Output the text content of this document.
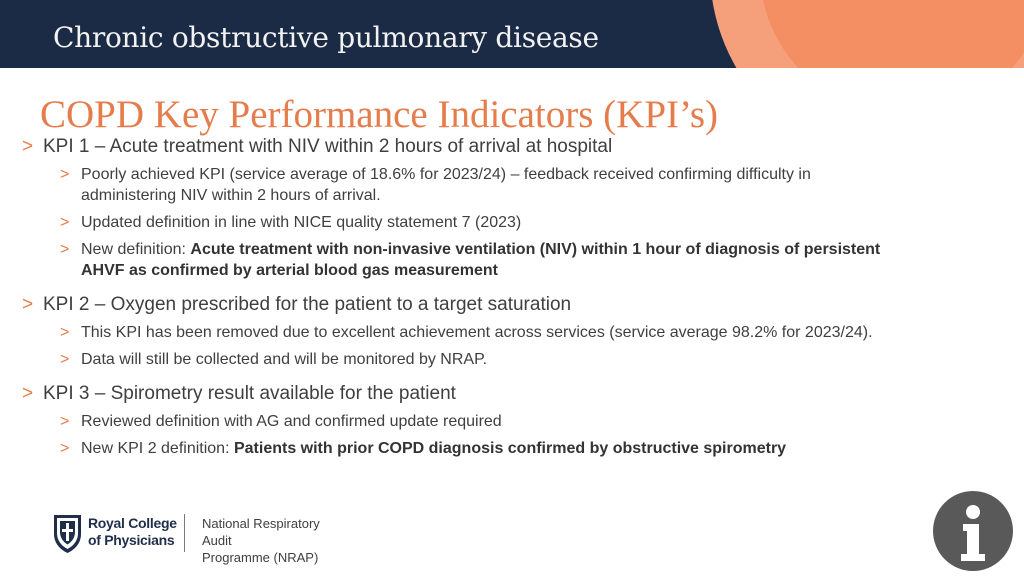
Chronic obstructive pulmonary disease
COPD Key Performance Indicators (KPI’s)
> KPI 1 – Acute treatment with NIV within 2 hours of arrival at hospital
> Poorly achieved KPI (service average of 18.6% for 2023/24) – feedback received confirming difficulty in administering NIV within 2 hours of arrival.
> Updated definition in line with NICE quality statement 7 (2023)
> New definition: Acute treatment with non-invasive ventilation (NIV) within 1 hour of diagnosis of persistent AHVF as confirmed by arterial blood gas measurement
> KPI 2 – Oxygen prescribed for the patient to a target saturation
> This KPI has been removed due to excellent achievement across services (service average 98.2% for 2023/24).
> Data will still be collected and will be monitored by NRAP.
> KPI 3 – Spirometry result available for the patient
> Reviewed definition with AG and confirmed update required
> New KPI 2 definition: Patients with prior COPD diagnosis confirmed by obstructive spirometry
Royal College
of Physicians
National Respiratory Audit
Programme (NRAP)
